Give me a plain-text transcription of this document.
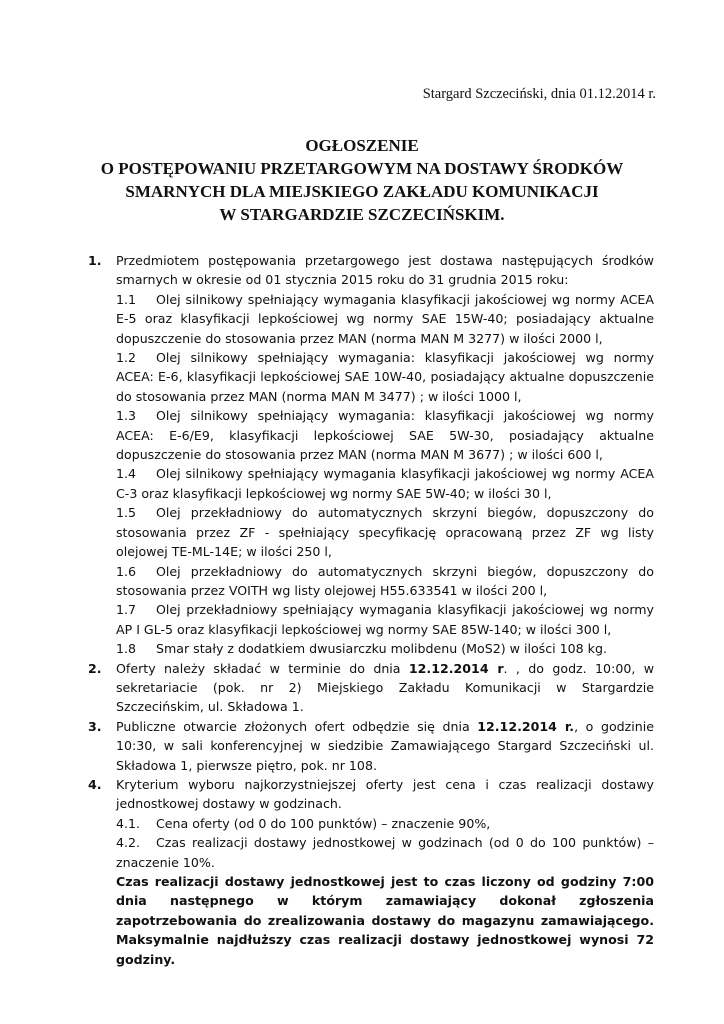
Stargard Szczeciński, dnia 01.12.2014 r.
OGŁOSZENIE
O POSTĘPOWANIU PRZETARGOWYM NA DOSTAWY ŚRODKÓW
SMARNYCH DLA MIEJSKIEGO ZAKŁADU KOMUNIKACJI
W STARGARDZIE SZCZECIŃSKIM.
1. Przedmiotem postępowania przetargowego jest dostawa następujących środków smarnych w okresie od 01 stycznia 2015 roku do 31 grudnia 2015 roku:

1.1 Olej silnikowy spełniający wymagania klasyfikacji jakościowej wg normy ACEA E-5 oraz klasyfikacji lepkościowej wg normy SAE 15W-40; posiadający aktualne dopuszczenie do stosowania przez MAN (norma MAN M 3277) w ilości 2000 l,

1.2 Olej silnikowy spełniający wymagania: klasyfikacji jakościowej wg normy ACEA: E-6, klasyfikacji lepkościowej SAE 10W-40, posiadający aktualne dopuszczenie do stosowania przez MAN (norma MAN M 3477) ; w ilości 1000 l,

1.3 Olej silnikowy spełniający wymagania: klasyfikacji jakościowej wg normy ACEA: E-6/E9, klasyfikacji lepkościowej SAE 5W-30, posiadający aktualne dopuszczenie do stosowania przez MAN (norma MAN M 3677) ; w ilości 600 l,

1.4 Olej silnikowy spełniający wymagania klasyfikacji jakościowej wg normy ACEA C-3 oraz klasyfikacji lepkościowej wg normy SAE 5W-40; w ilości 30 l,

1.5 Olej przekładniowy do automatycznych skrzyni biegów, dopuszczony do stosowania przez ZF - spełniający specyfikację opracowaną przez ZF wg listy olejowej TE-ML-14E; w ilości 250 l,

1.6 Olej przekładniowy do automatycznych skrzyni biegów, dopuszczony do stosowania przez VOITH wg listy olejowej H55.633541 w ilości 200 l,

1.7 Olej przekładniowy spełniający wymagania klasyfikacji jakościowej wg normy AP I GL-5 oraz klasyfikacji lepkościowej wg normy SAE 85W-140; w ilości 300 l,

1.8 Smar stały z dodatkiem dwusiarczku molibdenu (MoS2) w ilości 108 kg.

2. Oferty należy składać w terminie do dnia 12.12.2014 r. , do godz. 10:00, w sekretariacie (pok. nr 2) Miejskiego Zakładu Komunikacji w Stargardzie Szczecińskim, ul. Składowa 1.

3. Publiczne otwarcie złożonych ofert odbędzie się dnia 12.12.2014 r., o godzinie 10:30, w sali konferencyjnej w siedzibie Zamawiającego Stargard Szczeciński ul. Składowa 1, pierwsze piętro, pok. nr 108.

4. Kryterium wyboru najkorzystniejszej oferty jest cena i czas realizacji dostawy jednostkowej dostawy w godzinach.

4.1. Cena oferty (od 0 do 100 punktów) – znaczenie 90%,

4.2. Czas realizacji dostawy jednostkowej w godzinach (od 0 do 100 punktów) – znaczenie 10%.

Czas realizacji dostawy jednostkowej jest to czas liczony od godziny 7:00 dnia następnego w którym zamawiający dokonał zgłoszenia zapotrzebowania do zrealizowania dostawy do magazynu zamawiającego. Maksymalnie najdłuższy czas realizacji dostawy jednostkowej wynosi 72 godziny.
